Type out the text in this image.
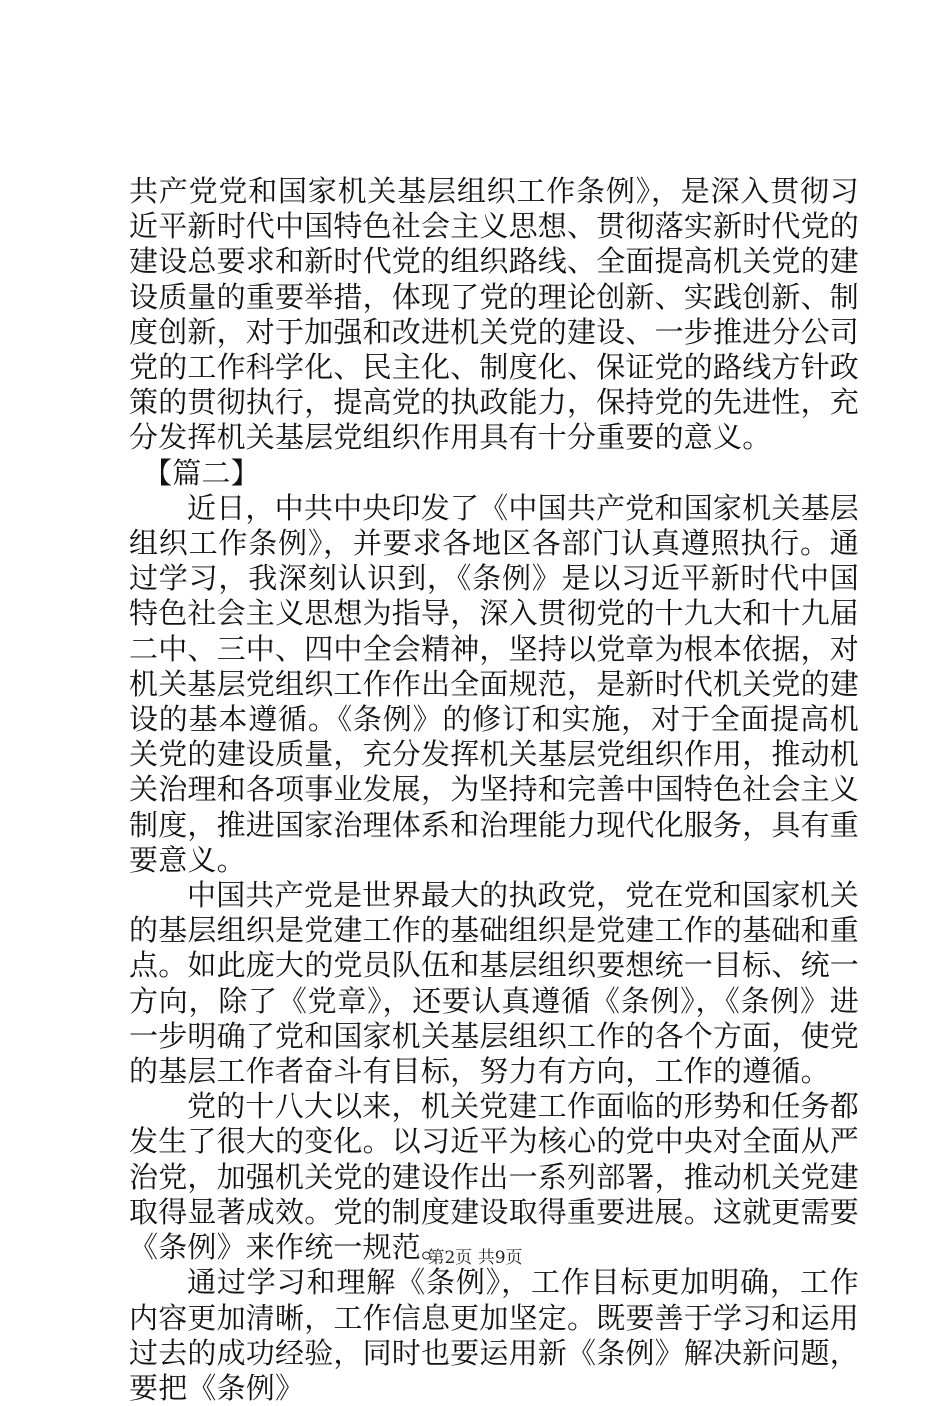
共产党党和国家机关基层组织工作条例》，是深入贯彻习近平新时代中国特色社会主义思想、贯彻落实新时代党的建设总要求和新时代党的组织路线、全面提高机关党的建设质量的重要举措，体现了党的理论创新、实践创新、制度创新，对于加强和改进机关党的建设、一步推进分公司党的工作科学化、民主化、制度化、保证党的路线方针政策的贯彻执行，提高党的执政能力，保持党的先进性，充分发挥机关基层党组织作用具有十分重要的意义。

【篇二】

近日，中共中央印发了《中国共产党和国家机关基层组织工作条例》，并要求各地区各部门认真遵照执行。通过学习，我深刻认识到，《条例》是以习近平新时代中国特色社会主义思想为指导，深入贯彻党的十九大和十九届二中、三中、四中全会精神，坚持以党章为根本依据，对机关基层党组织工作作出全面规范，是新时代机关党的建设的基本遵循。《条例》的修订和实施，对于全面提高机关党的建设质量，充分发挥机关基层党组织作用，推动机关治理和各项事业发展，为坚持和完善中国特色社会主义制度，推进国家治理体系和治理能力现代化服务，具有重要意义。

中国共产党是世界最大的执政党，党在党和国家机关的基层组织是党建工作的基础组织是党建工作的基础和重点。如此庞大的党员队伍和基层组织要想统一目标、统一方向，除了《党章》，还要认真遵循《条例》，《条例》进一步明确了党和国家机关基层组织工作的各个方面，使党的基层工作者奋斗有目标，努力有方向，工作的遵循。

党的十八大以来，机关党建工作面临的形势和任务都发生了很大的变化。以习近平为核心的党中央对全面从严治党，加强机关党的建设作出一系列部署，推动机关党建取得显著成效。党的制度建设取得重要进展。这就更需要《条例》来作统一规范。

通过学习和理解《条例》，工作目标更加明确，工作内容更加清晰，工作信息更加坚定。既要善于学习和运用过去的成功经验，同时也要运用新《条例》解决新问题，要把《条例》

第2页 共9页
